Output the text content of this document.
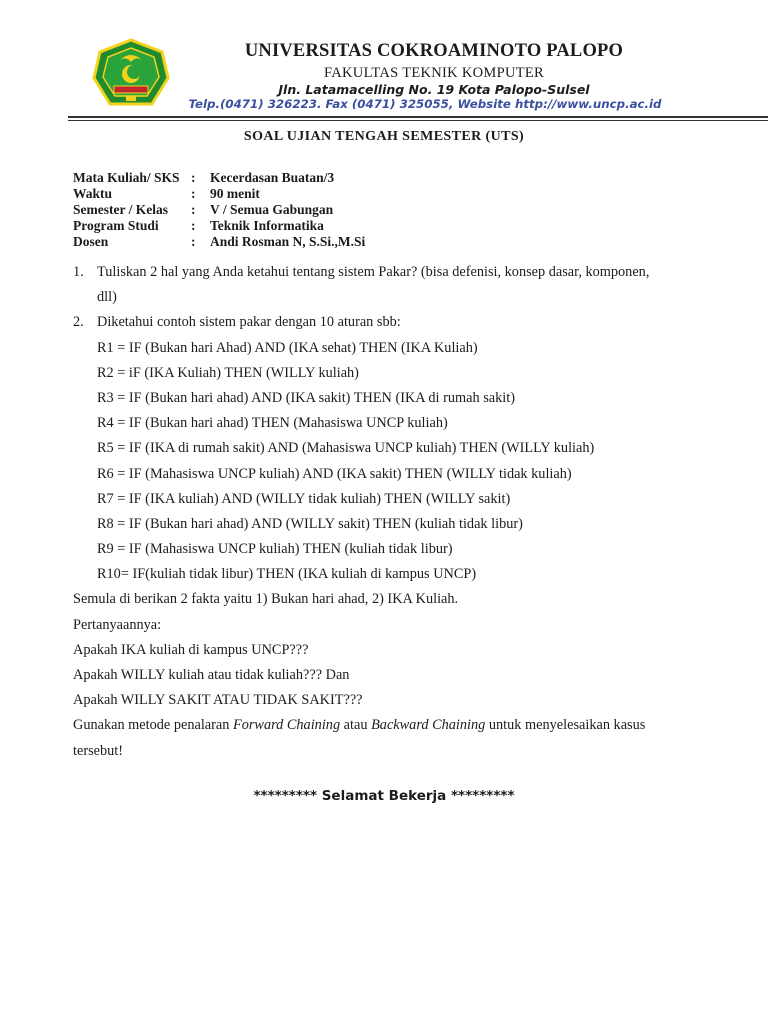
UNIVERSITAS COKROAMINOTO PALOPO
FAKULTAS TEKNIK KOMPUTER
Jln. Latamacelling No. 19 Kota Palopo-Sulsel
Telp.(0471) 326223. Fax (0471) 325055, Website http://www.uncp.ac.id
SOAL UJIAN TENGAH SEMESTER (UTS)
Mata Kuliah/ SKS :	Kecerdasan Buatan/3
Waktu	:	90 menit
Semester / Kelas	:	V / Semua Gabungan
Program Studi	:	Teknik Informatika
Dosen	:	Andi Rosman N, S.Si.,M.Si
1. Tuliskan 2 hal yang Anda ketahui tentang sistem Pakar? (bisa defenisi, konsep dasar, komponen,
dll)
2. Diketahui contoh sistem pakar dengan 10 aturan sbb:
R1 = IF (Bukan hari Ahad) AND (IKA sehat) THEN (IKA Kuliah)
R2 = iF (IKA Kuliah) THEN (WILLY kuliah)
R3 = IF (Bukan hari ahad) AND (IKA sakit) THEN (IKA di rumah sakit)
R4 = IF (Bukan hari ahad) THEN (Mahasiswa UNCP kuliah)
R5 = IF (IKA di rumah sakit) AND (Mahasiswa UNCP kuliah) THEN (WILLY kuliah)
R6 = IF (Mahasiswa UNCP kuliah) AND (IKA sakit) THEN (WILLY tidak kuliah)
R7 = IF (IKA kuliah) AND (WILLY tidak kuliah) THEN (WILLY sakit)
R8 = IF (Bukan hari ahad) AND (WILLY sakit) THEN (kuliah tidak libur)
R9 = IF (Mahasiswa UNCP kuliah) THEN (kuliah tidak libur)
R10= IF(kuliah tidak libur) THEN (IKA kuliah di kampus UNCP)
Semula di berikan 2 fakta yaitu 1) Bukan hari ahad, 2) IKA Kuliah.
Pertanyaannya:
Apakah IKA kuliah di kampus UNCP???
Apakah WILLY kuliah atau tidak kuliah??? Dan
Apakah WILLY SAKIT ATAU TIDAK SAKIT???
Gunakan metode penalaran Forward Chaining atau Backward Chaining untuk menyelesaikan kasus
tersebut!
********* Selamat Bekerja *********
